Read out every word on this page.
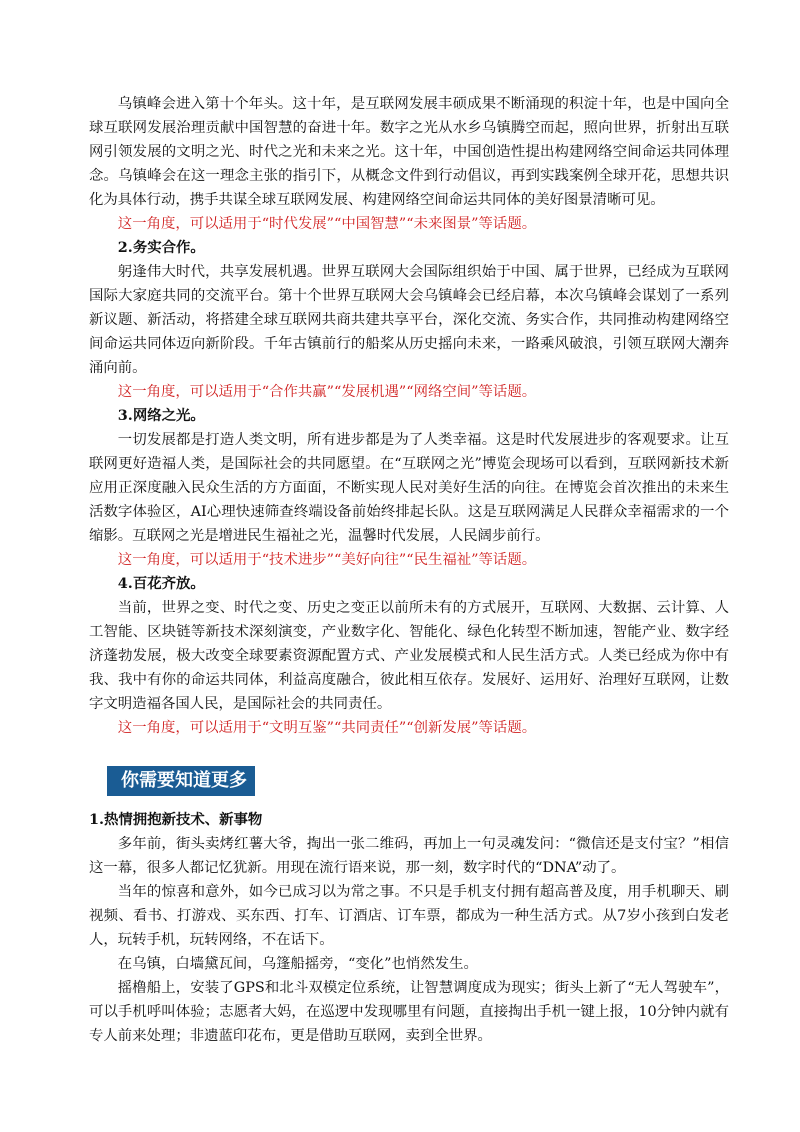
乌镇峰会进入第十个年头。这十年，是互联网发展丰硕成果不断涌现的积淀十年，也是中国向全球互联网发展治理贡献中国智慧的奋进十年。数字之光从水乡乌镇腾空而起，照向世界，折射出互联网引领发展的文明之光、时代之光和未来之光。这十年，中国创造性提出构建网络空间命运共同体理念。乌镇峰会在这一理念主张的指引下，从概念文件到行动倡议，再到实践案例全球开花，思想共识化为具体行动，携手共谋全球互联网发展、构建网络空间命运共同体的美好图景清晰可见。

这一角度，可以适用于“时代发展”“中国智慧”“未来图景”等话题。

2.务实合作。

躬逢伟大时代，共享发展机遇。世界互联网大会国际组织始于中国、属于世界，已经成为互联网国际大家庭共同的交流平台。第十个世界互联网大会乌镇峰会已经启幕，本次乌镇峰会谋划了一系列新议题、新活动，将搭建全球互联网共商共建共享平台，深化交流、务实合作，共同推动构建网络空间命运共同体迈向新阶段。千年古镇前行的船桨从历史摇向未来，一路乘风破浪，引领互联网大潮奔涌向前。

这一角度，可以适用于“合作共赢”“发展机遇”“网络空间”等话题。

3.网络之光。

一切发展都是打造人类文明，所有进步都是为了人类幸福。这是时代发展进步的客观要求。让互联网更好造福人类，是国际社会的共同愿望。在“互联网之光”博览会现场可以看到，互联网新技术新应用正深度融入民众生活的方方面面，不断实现人民对美好生活的向往。在博览会首次推出的未来生活数字体验区，AI心理快速筛查终端设备前始终排起长队。这是互联网满足人民群众幸福需求的一个缩影。互联网之光是增进民生福祉之光，温馨时代发展，人民阔步前行。

这一角度，可以适用于“技术进步”“美好向往”“民生福祉”等话题。

4.百花齐放。

当前，世界之变、时代之变、历史之变正以前所未有的方式展开，互联网、大数据、云计算、人工智能、区块链等新技术深刻演变，产业数字化、智能化、绿色化转型不断加速，智能产业、数字经济蓬勃发展，极大改变全球要素资源配置方式、产业发展模式和人民生活方式。人类已经成为你中有我、我中有你的命运共同体，利益高度融合，彼此相互依存。发展好、运用好、治理好互联网，让数字文明造福各国人民，是国际社会的共同责任。

这一角度，可以适用于“文明互鉴”“共同责任”“创新发展”等话题。

你需要知道更多

1.热情拥抱新技术、新事物

多年前，街头卖烤红薯大爷，掏出一张二维码，再加上一句灵魂发问：“微信还是支付宝？”相信这一幕，很多人都记忆犹新。用现在流行语来说，那一刻，数字时代的“DNA”动了。

当年的惊喜和意外，如今已成习以为常之事。不只是手机支付拥有超高普及度，用手机聊天、刷视频、看书、打游戏、买东西、打车、订酒店、订车票，都成为一种生活方式。从7岁小孩到白发老人，玩转手机，玩转网络，不在话下。

在乌镇，白墙黛瓦间，乌篷船摇旁，“变化”也悄然发生。

摇橹船上，安装了GPS和北斗双模定位系统，让智慧调度成为现实；街头上新了“无人驾驶车”，可以手机呼叫体验；志愿者大妈，在巡逻中发现哪里有问题，直接掏出手机一键上报，10分钟内就有专人前来处理；非遗蓝印花布，更是借助互联网，卖到全世界。
